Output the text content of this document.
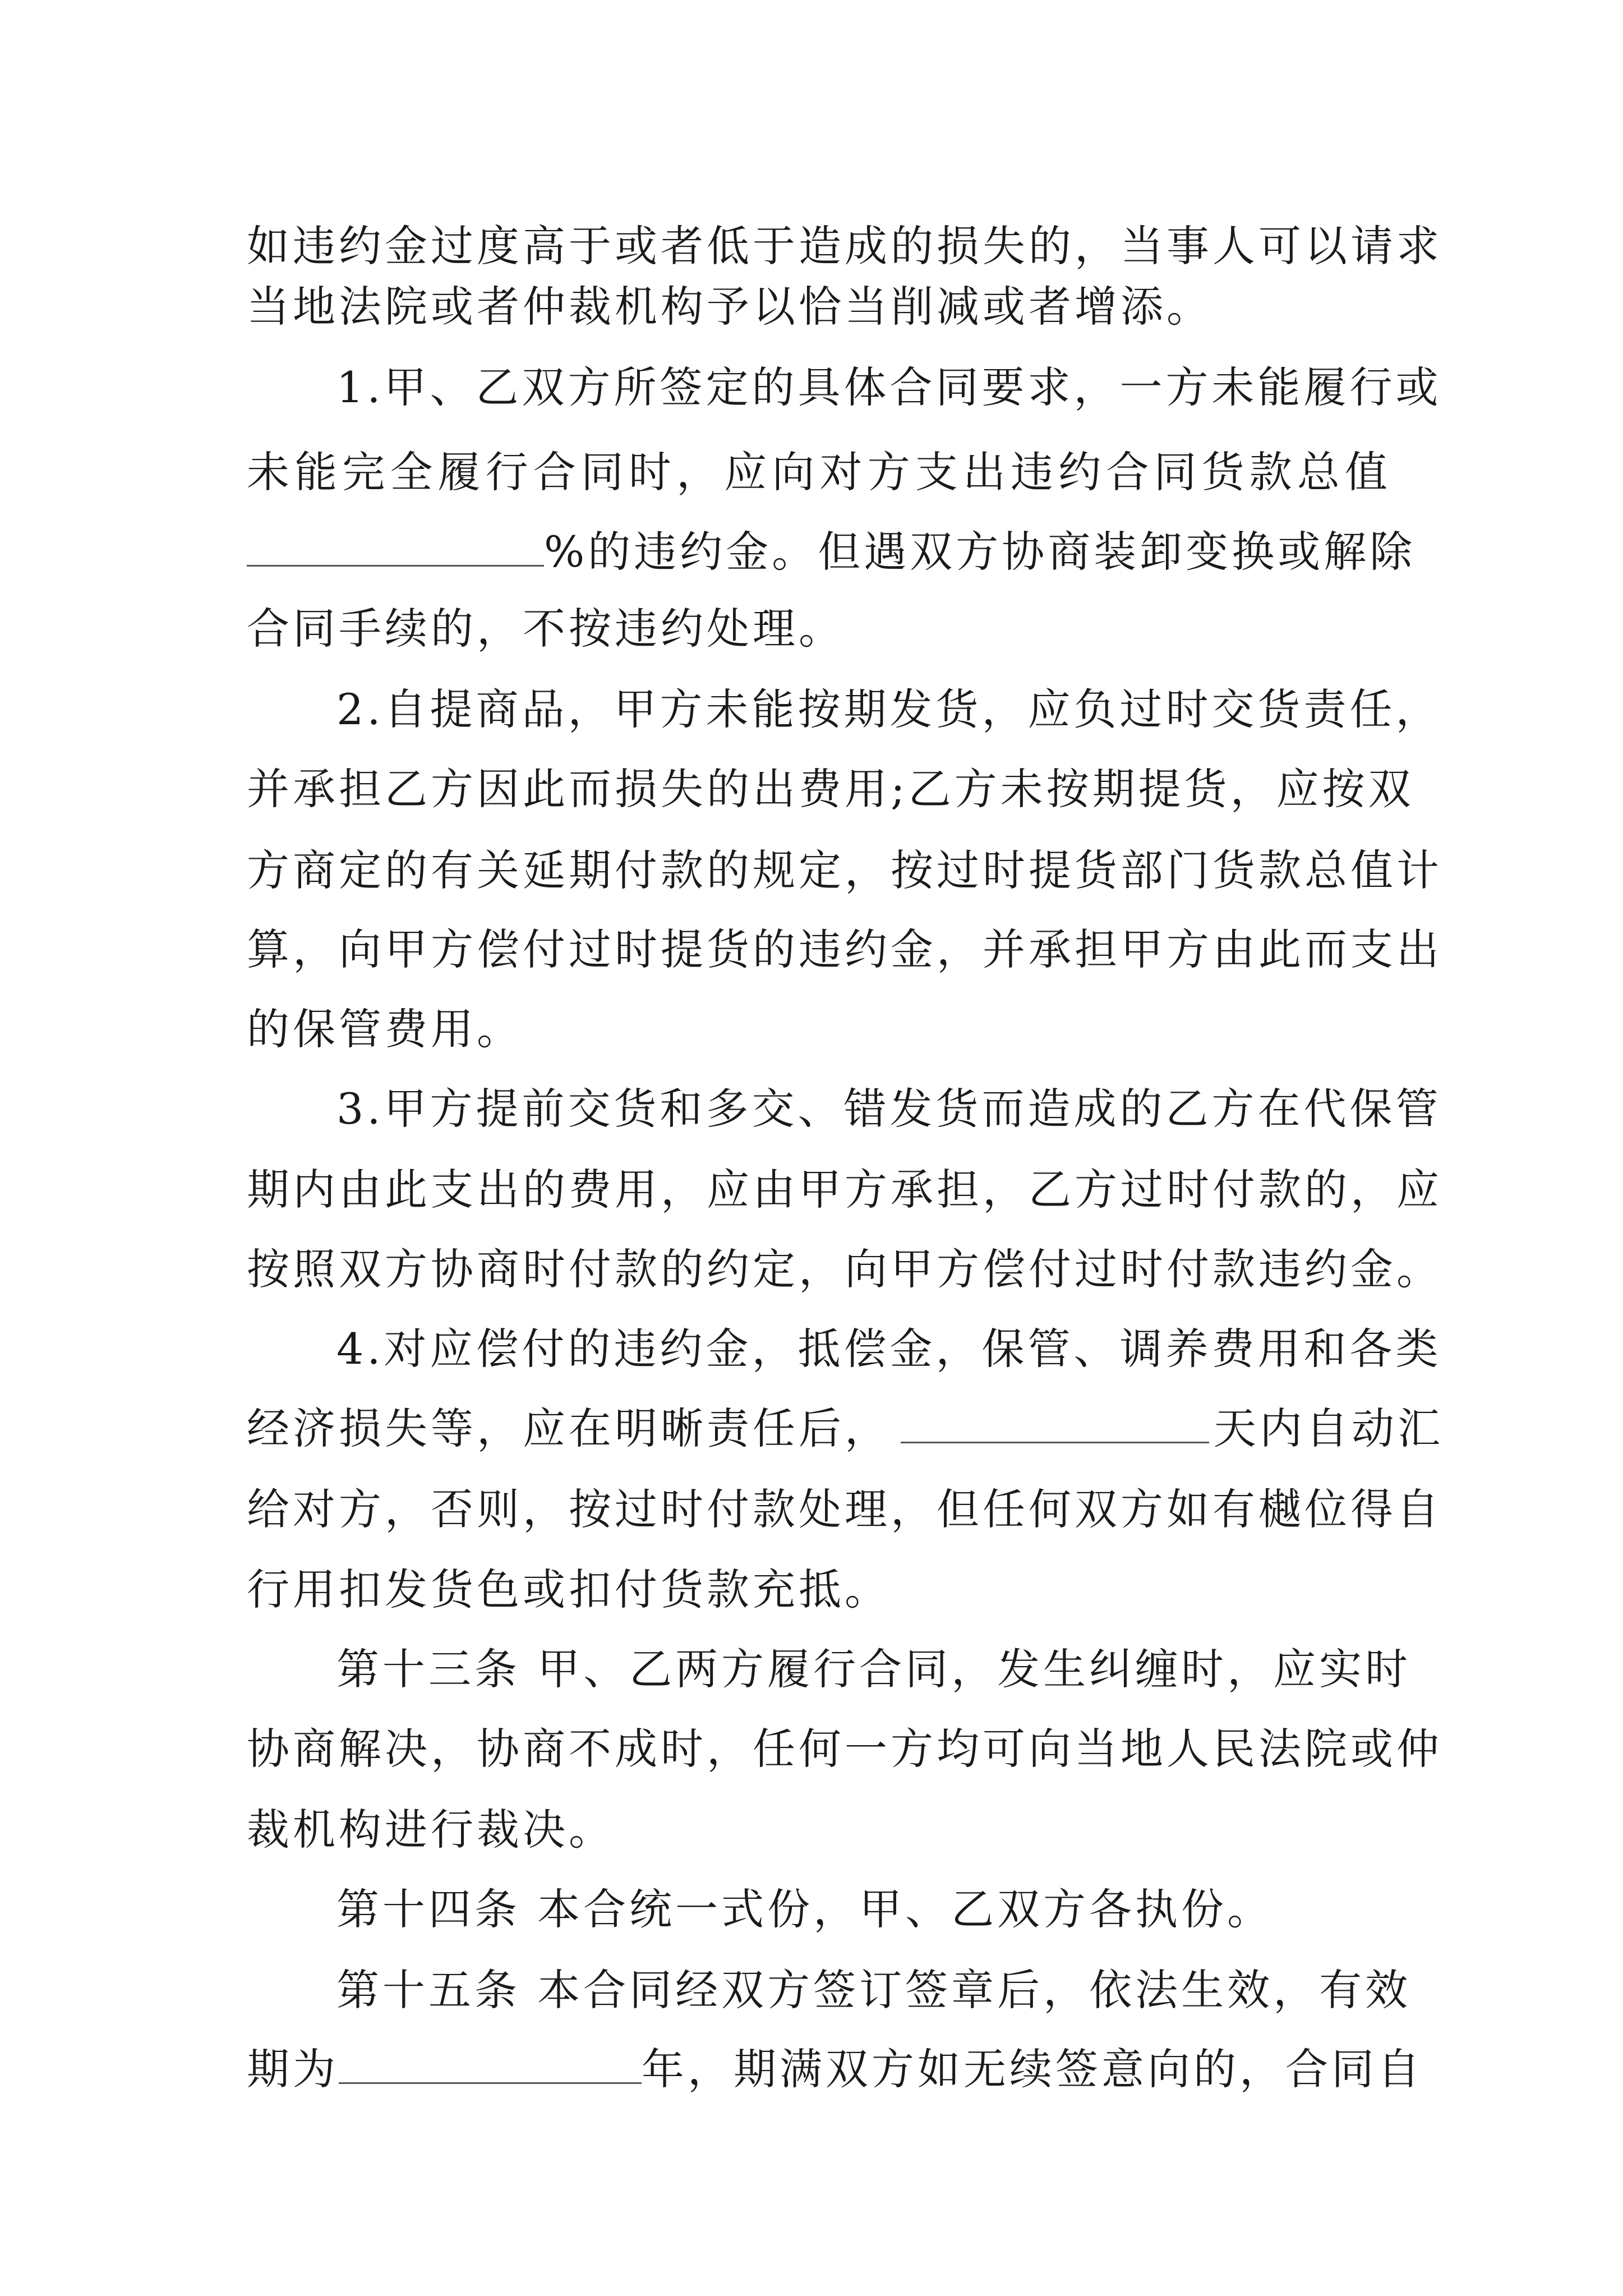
如违约金过度高于或者低于造成的损失的，当事人可以请求
当地法院或者仲裁机构予以恰当削减或者增添。
1.甲、乙双方所签定的具体合同要求，一方未能履行或
未能完全履行合同时，应向对方支出违约合同货款总值
%的违约金。但遇双方协商装卸变换或解除
合同手续的，不按违约处理。
2.自提商品，甲方未能按期发货，应负过时交货责任，
并承担乙方因此而损失的出费用;乙方未按期提货，应按双
方商定的有关延期付款的规定，按过时提货部门货款总值计
算，向甲方偿付过时提货的违约金，并承担甲方由此而支出
的保管费用。
3.甲方提前交货和多交、错发货而造成的乙方在代保管
期内由此支出的费用，应由甲方承担，乙方过时付款的，应
按照双方协商时付款的约定，向甲方偿付过时付款违约金。
4.对应偿付的违约金，抵偿金，保管、调养费用和各类
经济损失等，应在明晰责任后，	天内自动汇
给对方，否则，按过时付款处理，但任何双方如有樾位得自
行用扣发货色或扣付货款充抵。
第十三条 甲、乙两方履行合同，发生纠缠时，应实时
协商解决，协商不成时，任何一方均可向当地人民法院或仲
裁机构进行裁决。
第十四条 本合统一式份，甲、乙双方各执份。
第十五条 本合同经双方签订签章后，依法生效，有效
期为	年，期满双方如无续签意向的，合同自
